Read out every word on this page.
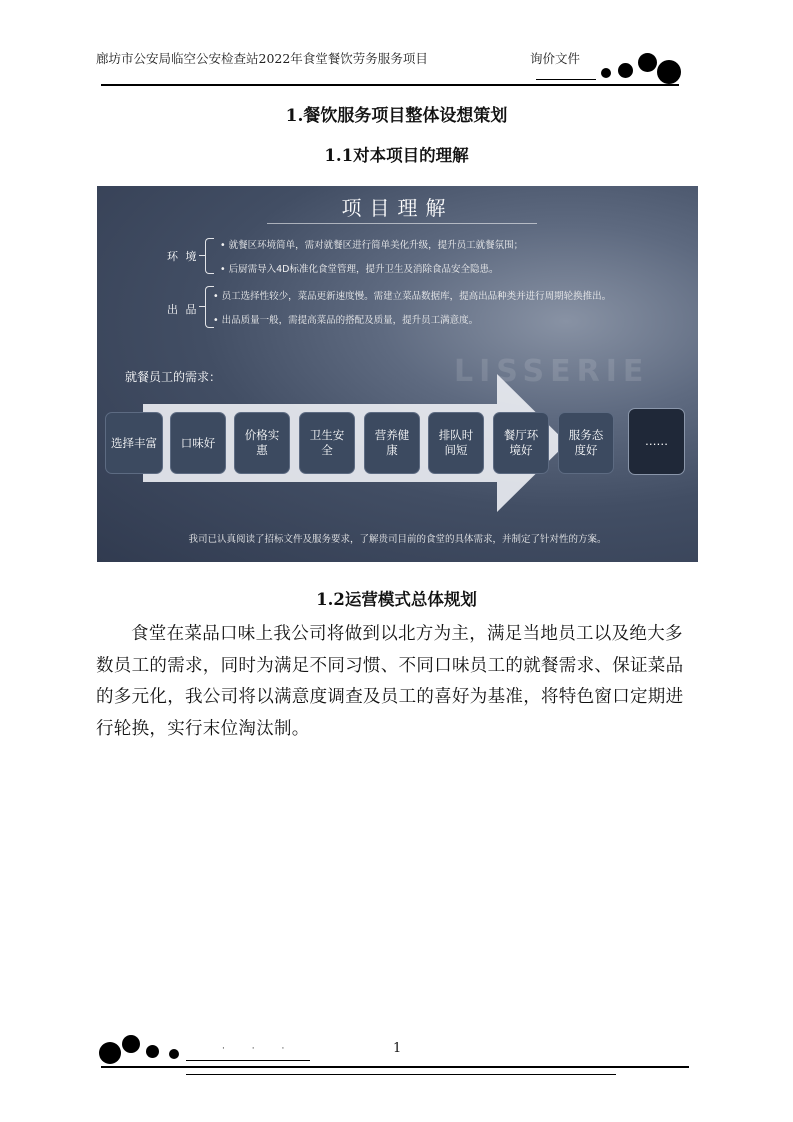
廊坊市公安局临空公安检查站2022年食堂餐饮劳务服务项目	询价文件
1.餐饮服务项目整体设想策划
1.1对本项目的理解
LISSERIE
项目理解
环 境
• 就餐区环境简单，需对就餐区进行简单美化升级，提升员工就餐氛围；
• 后厨需导入4D标准化食堂管理，提升卫生及消除食品安全隐患。
出 品
• 员工选择性较少，菜品更新速度慢。需建立菜品数据库，提高出品种类并进行周期轮换推出。
• 出品质量一般，需提高菜品的搭配及质量，提升员工满意度。
就餐员工的需求：
选择丰富	口味好
价格实惠
卫生安全
营养健康
排队时间短
餐厅环境好
服务态度好
……
我司已认真阅读了招标文件及服务要求，了解贵司目前的食堂的具体需求，并制定了针对性的方案。
1.2运营模式总体规划
食堂在菜品口味上我公司将做到以北方为主，满足当地员工以及绝大多数员工的需求，同时为满足不同习惯、不同口味员工的就餐需求、保证菜品的多元化，我公司将以满意度调查及员工的喜好为基准，将特色窗口定期进行轮换，实行末位淘汰制。
· · ·	1
